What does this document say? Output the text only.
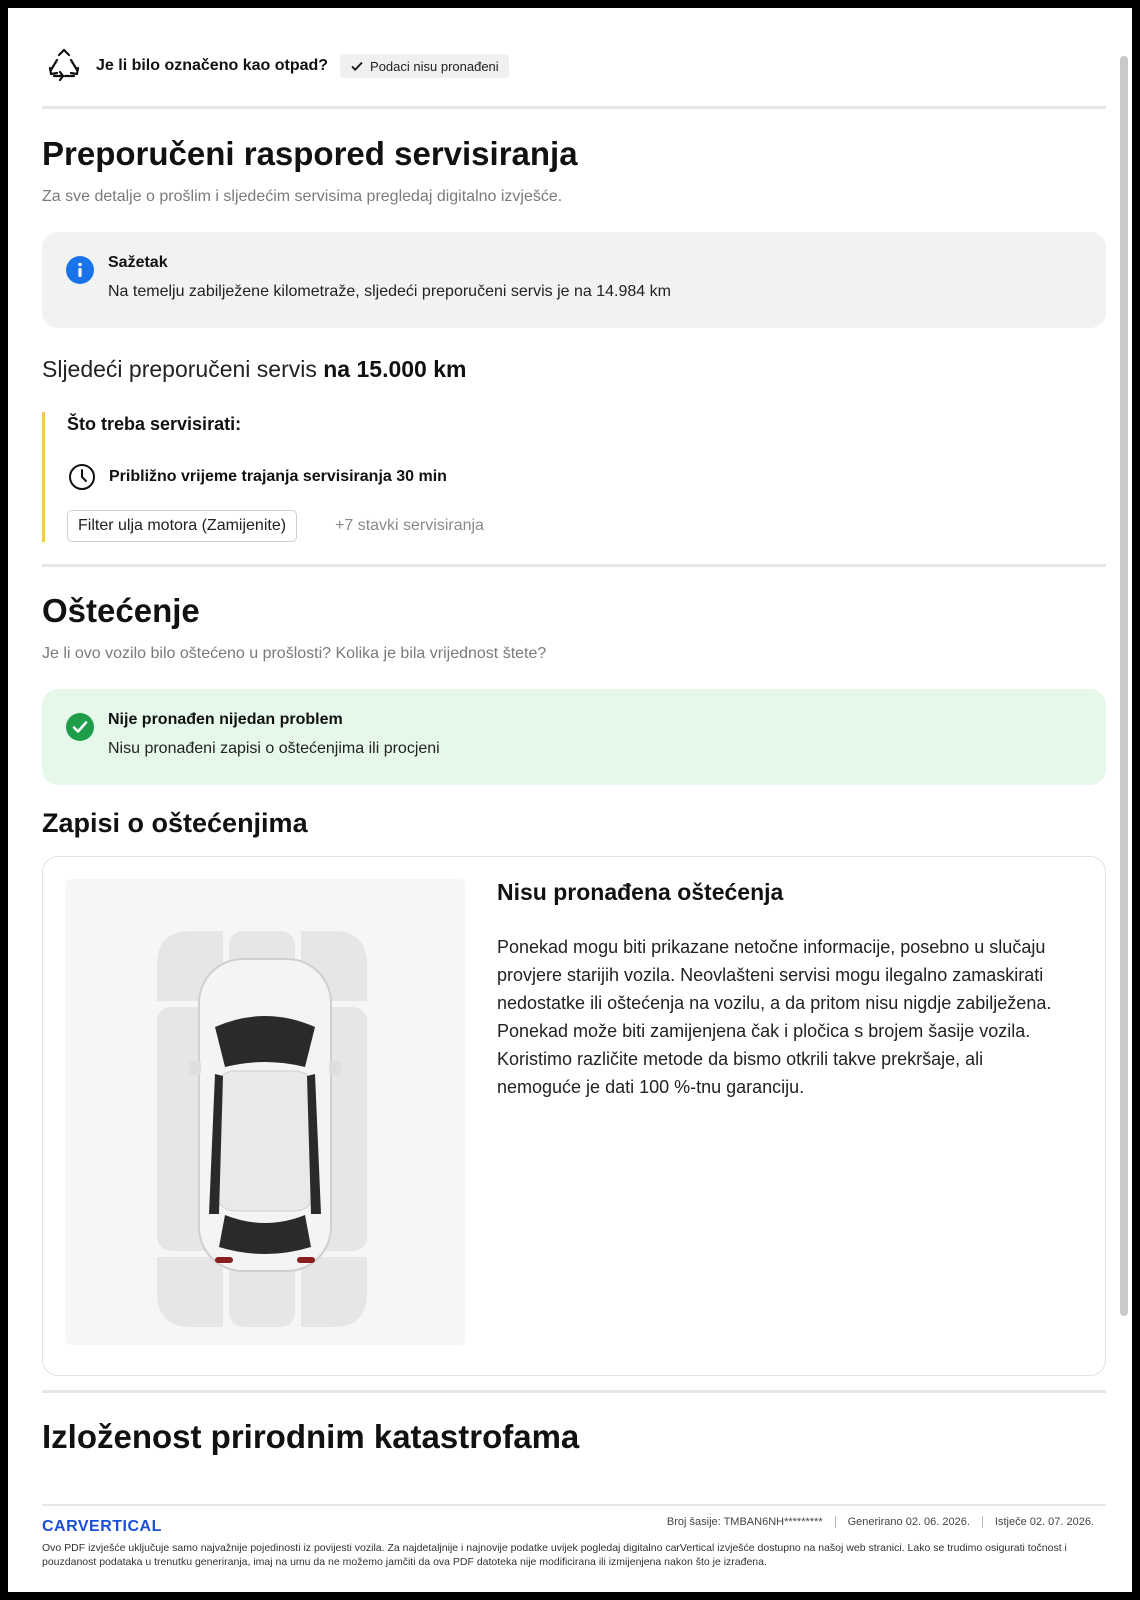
Je li bilo označeno kao otpad?	Podaci nisu pronađeni
Preporučeni raspored servisiranja
Za sve detalje o prošlim i sljedećim servisima pregledaj digitalno izvješće.
Sažetak
Na temelju zabilježene kilometraže, sljedeći preporučeni servis je na 14.984 km
Sljedeći preporučeni servis na 15.000 km
Što treba servisirati:
Približno vrijeme trajanja servisiranja 30 min
Filter ulja motora (Zamijenite)	+7 stavki servisiranja
Oštećenje
Je li ovo vozilo bilo oštećeno u prošlosti? Kolika je bila vrijednost štete?
Nije pronađen nijedan problem
Nisu pronađeni zapisi o oštećenjima ili procjeni
Zapisi o oštećenjima
Nisu pronađena oštećenja
Ponekad mogu biti prikazane netočne informacije, posebno u slučaju provjere starijih vozila. Neovlašteni servisi mogu ilegalno zamaskirati nedostatke ili oštećenja na vozilu, a da pritom nisu nigdje zabilježena. Ponekad može biti zamijenjena čak i pločica s brojem šasije vozila. Koristimo različite metode da bismo otkrili takve prekršaje, ali nemoguće je dati 100 %-tnu garanciju.
Izloženost prirodnim katastrofama
CARVERTICAL	Broj šasije: TMBAN6NH*********	Generirano 02. 06. 2026.	Istječe 02. 07. 2026.
Ovo PDF izvješće uključuje samo najvažnije pojedinosti iz povijesti vozila. Za najdetaljnije i najnovije podatke uvijek pogledaj digitalno carVertical izvješće dostupno na našoj web stranici. Lako se trudimo osigurati točnost i pouzdanost podataka u trenutku generiranja, imaj na umu da ne možemo jamčiti da ova PDF datoteka nije modificirana ili izmijenjena nakon što je izrađena.
